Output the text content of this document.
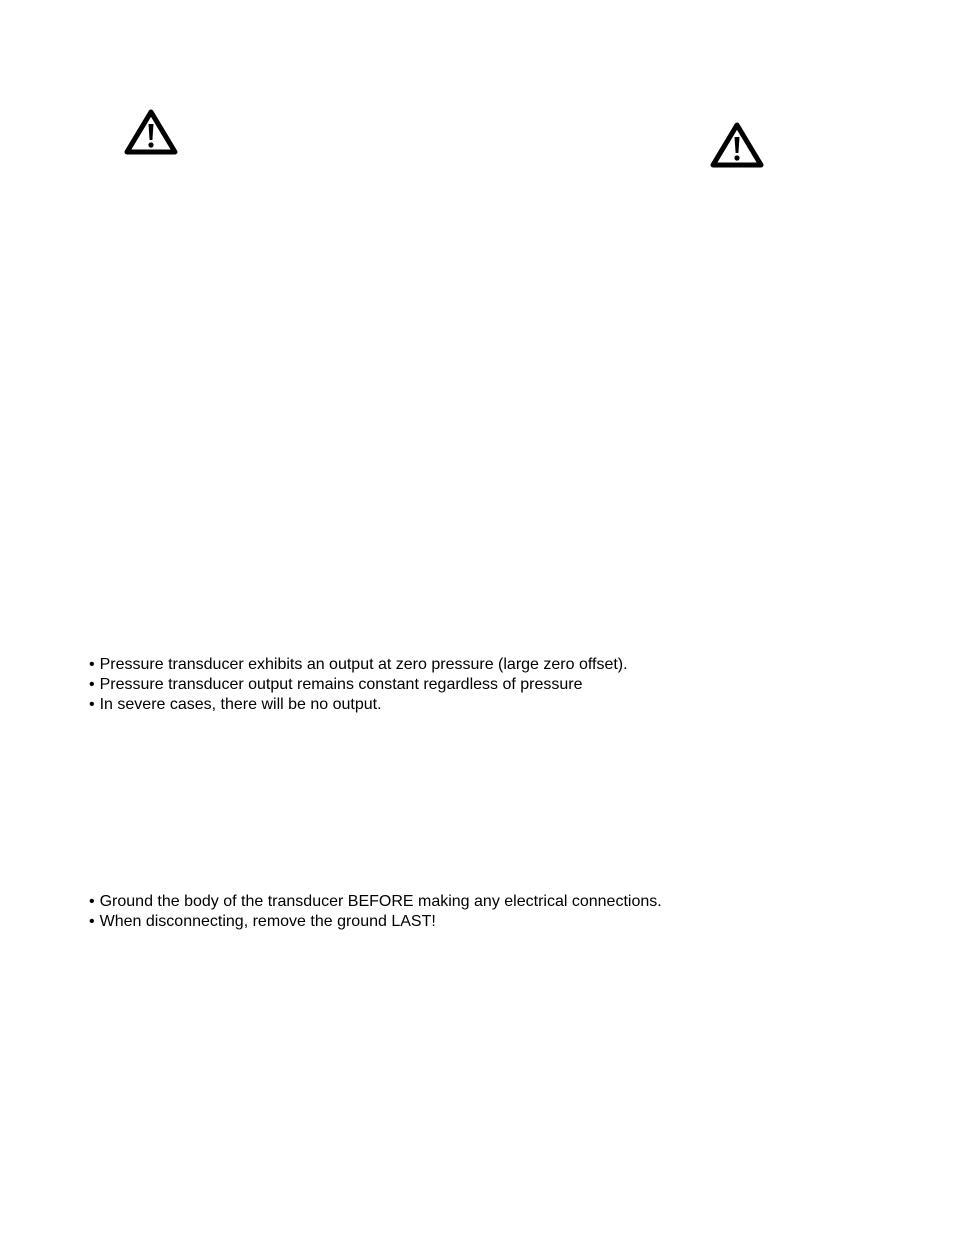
• Pressure transducer exhibits an output at zero pressure (large zero offset).
• Pressure transducer output remains constant regardless of pressure
• In severe cases, there will be no output.
• Ground the body of the transducer BEFORE making any electrical connections.
• When disconnecting, remove the ground LAST!
